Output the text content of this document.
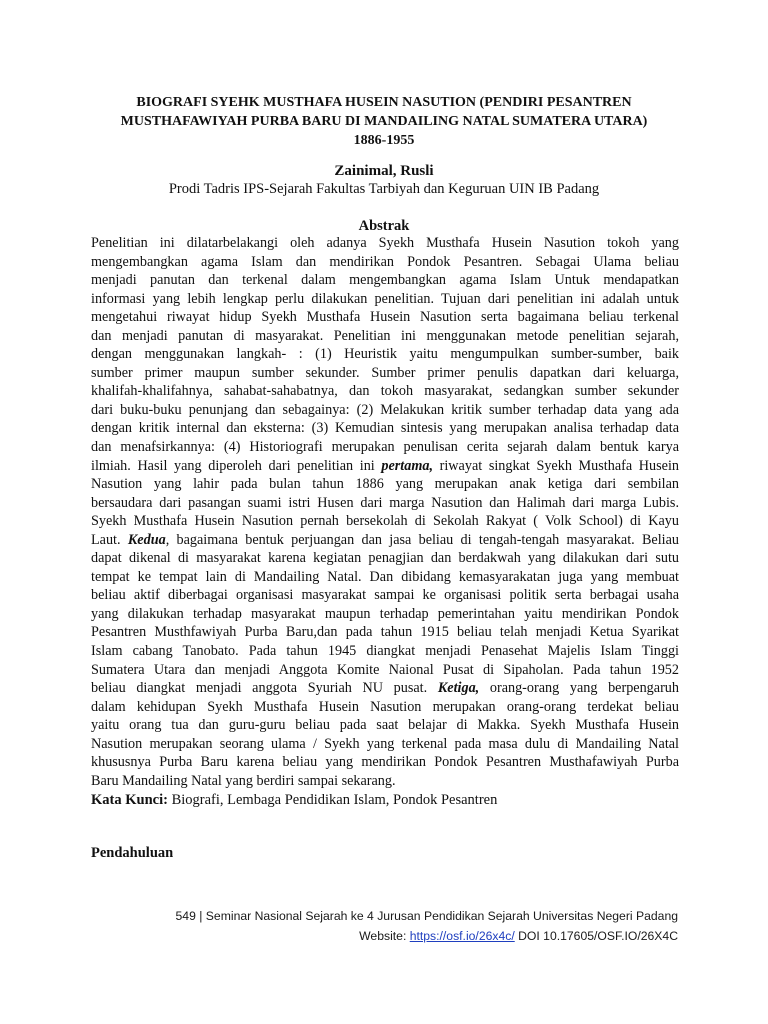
BIOGRAFI SYEHK MUSTHAFA HUSEIN NASUTION (PENDIRI PESANTREN
MUSTHAFAWIYAH PURBA BARU DI MANDAILING NATAL SUMATERA UTARA)
1886-1955
Zainimal, Rusli
Prodi Tadris IPS-Sejarah Fakultas Tarbiyah dan Keguruan UIN IB Padang
Abstrak
Penelitian ini dilatarbelakangi oleh adanya Syekh Musthafa Husein Nasution tokoh yang
mengembangkan agama Islam dan mendirikan Pondok Pesantren. Sebagai Ulama beliau
menjadi panutan dan terkenal dalam mengembangkan agama Islam Untuk mendapatkan
informasi yang lebih lengkap perlu dilakukan penelitian. Tujuan dari penelitian ini adalah untuk
mengetahui riwayat hidup Syekh Musthafa Husein Nasution serta bagaimana beliau terkenal
dan menjadi panutan di masyarakat. Penelitian ini menggunakan metode penelitian sejarah,
dengan menggunakan langkah- : (1) Heuristik yaitu mengumpulkan sumber-sumber, baik
sumber primer maupun sumber sekunder. Sumber primer penulis dapatkan dari keluarga,
khalifah-khalifahnya, sahabat-sahabatnya, dan tokoh masyarakat, sedangkan sumber sekunder
dari buku-buku penunjang dan sebagainya: (2) Melakukan kritik sumber terhadap data yang ada
dengan kritik internal dan eksterna: (3) Kemudian sintesis yang merupakan analisa terhadap data
dan menafsirkannya: (4) Historiografi merupakan penulisan cerita sejarah dalam bentuk karya
ilmiah. Hasil yang diperoleh dari penelitian ini pertama, riwayat singkat Syekh Musthafa Husein
Nasution yang lahir pada bulan tahun 1886 yang merupakan anak ketiga dari sembilan
bersaudara dari pasangan suami istri Husen dari marga Nasution dan Halimah dari marga Lubis.
Syekh Musthafa Husein Nasution pernah bersekolah di Sekolah Rakyat ( Volk School) di Kayu
Laut. Kedua, bagaimana bentuk perjuangan dan jasa beliau di tengah-tengah masyarakat. Beliau
dapat dikenal di masyarakat karena kegiatan penagjian dan berdakwah yang dilakukan dari sutu
tempat ke tempat lain di Mandailing Natal. Dan dibidang kemasyarakatan juga yang membuat
beliau aktif diberbagai organisasi masyarakat sampai ke organisasi politik serta berbagai usaha
yang dilakukan terhadap masyarakat maupun terhadap pemerintahan yaitu mendirikan Pondok
Pesantren Musthfawiyah Purba Baru,dan pada tahun 1915 beliau telah menjadi Ketua Syarikat
Islam cabang Tanobato. Pada tahun 1945 diangkat menjadi Penasehat Majelis Islam Tinggi
Sumatera Utara dan menjadi Anggota Komite Naional Pusat di Sipaholan. Pada tahun 1952
beliau diangkat menjadi anggota Syuriah NU pusat. Ketiga, orang-orang yang berpengaruh
dalam kehidupan Syekh Musthafa Husein Nasution merupakan orang-orang terdekat beliau
yaitu orang tua dan guru-guru beliau pada saat belajar di Makka. Syekh Musthafa Husein
Nasution merupakan seorang ulama / Syekh yang terkenal pada masa dulu di Mandailing Natal
khususnya Purba Baru karena beliau yang mendirikan Pondok Pesantren Musthafawiyah Purba
Baru Mandailing Natal yang berdiri sampai sekarang.
Kata Kunci: Biografi, Lembaga Pendidikan Islam, Pondok Pesantren
Pendahuluan
549 | Seminar Nasional Sejarah ke 4 Jurusan Pendidikan Sejarah Universitas Negeri Padang
Website: https://osf.io/26x4c/ DOI 10.17605/OSF.IO/26X4C
